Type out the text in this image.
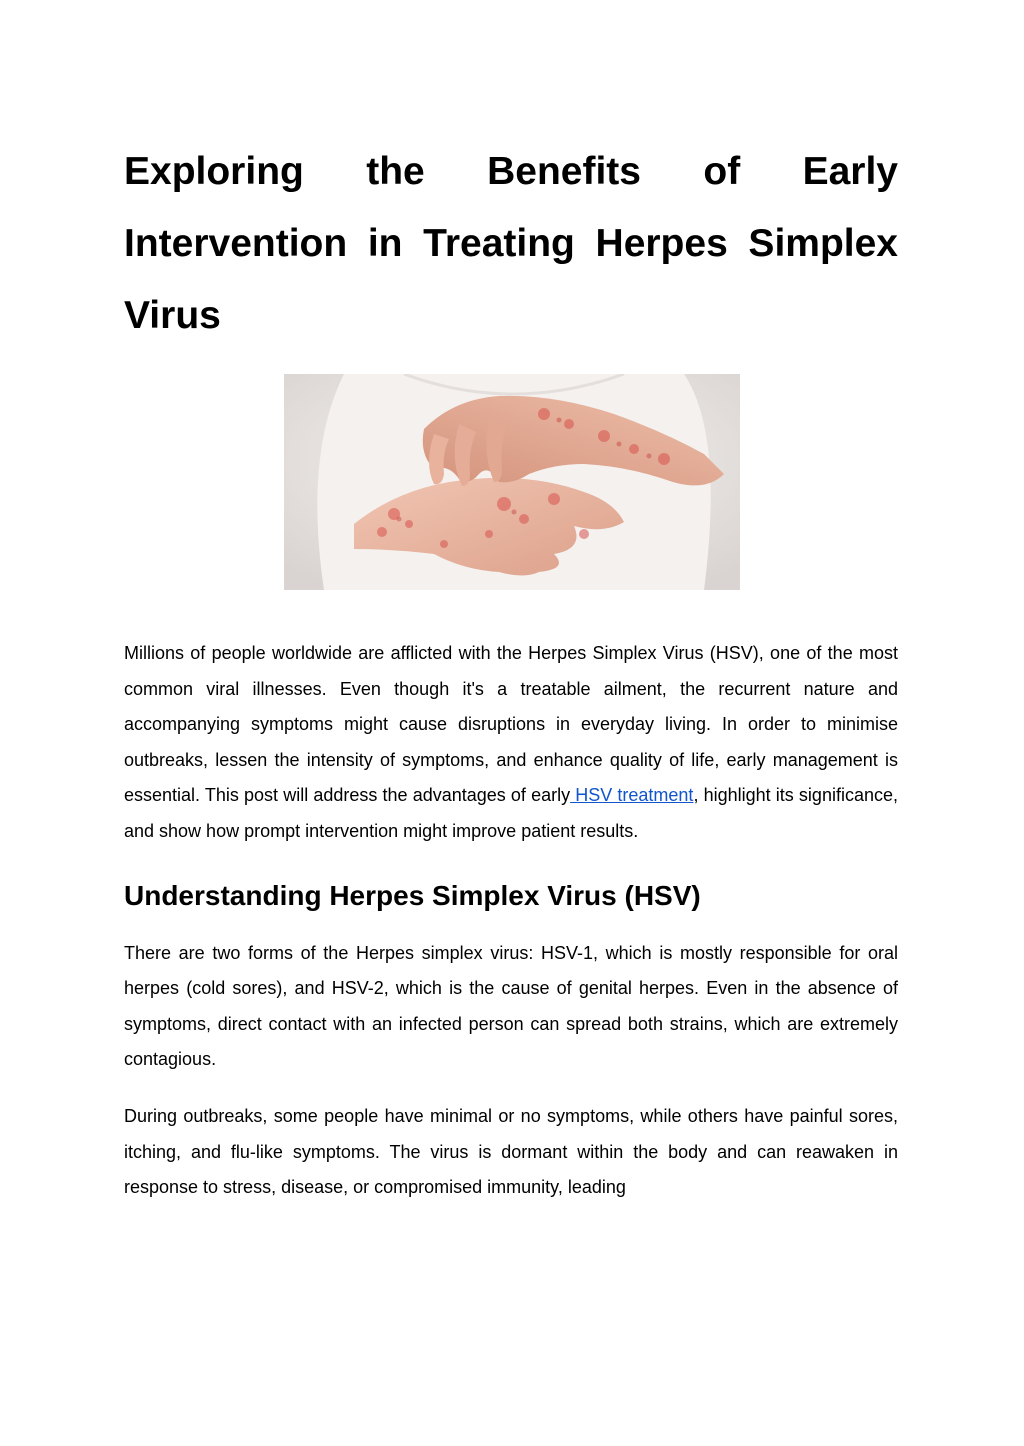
Exploring the Benefits of Early Intervention in Treating Herpes Simplex Virus

Millions of people worldwide are afflicted with the Herpes Simplex Virus (HSV), one of the most common viral illnesses. Even though it's a treatable ailment, the recurrent nature and accompanying symptoms might cause disruptions in everyday living. In order to minimise outbreaks, lessen the intensity of symptoms, and enhance quality of life, early management is essential. This post will address the advantages of early HSV treatment, highlight its significance, and show how prompt intervention might improve patient results.

Understanding Herpes Simplex Virus (HSV)

There are two forms of the Herpes simplex virus: HSV-1, which is mostly responsible for oral herpes (cold sores), and HSV-2, which is the cause of genital herpes. Even in the absence of symptoms, direct contact with an infected person can spread both strains, which are extremely contagious.

During outbreaks, some people have minimal or no symptoms, while others have painful sores, itching, and flu-like symptoms. The virus is dormant within the body and can reawaken in response to stress, disease, or compromised immunity, leading
